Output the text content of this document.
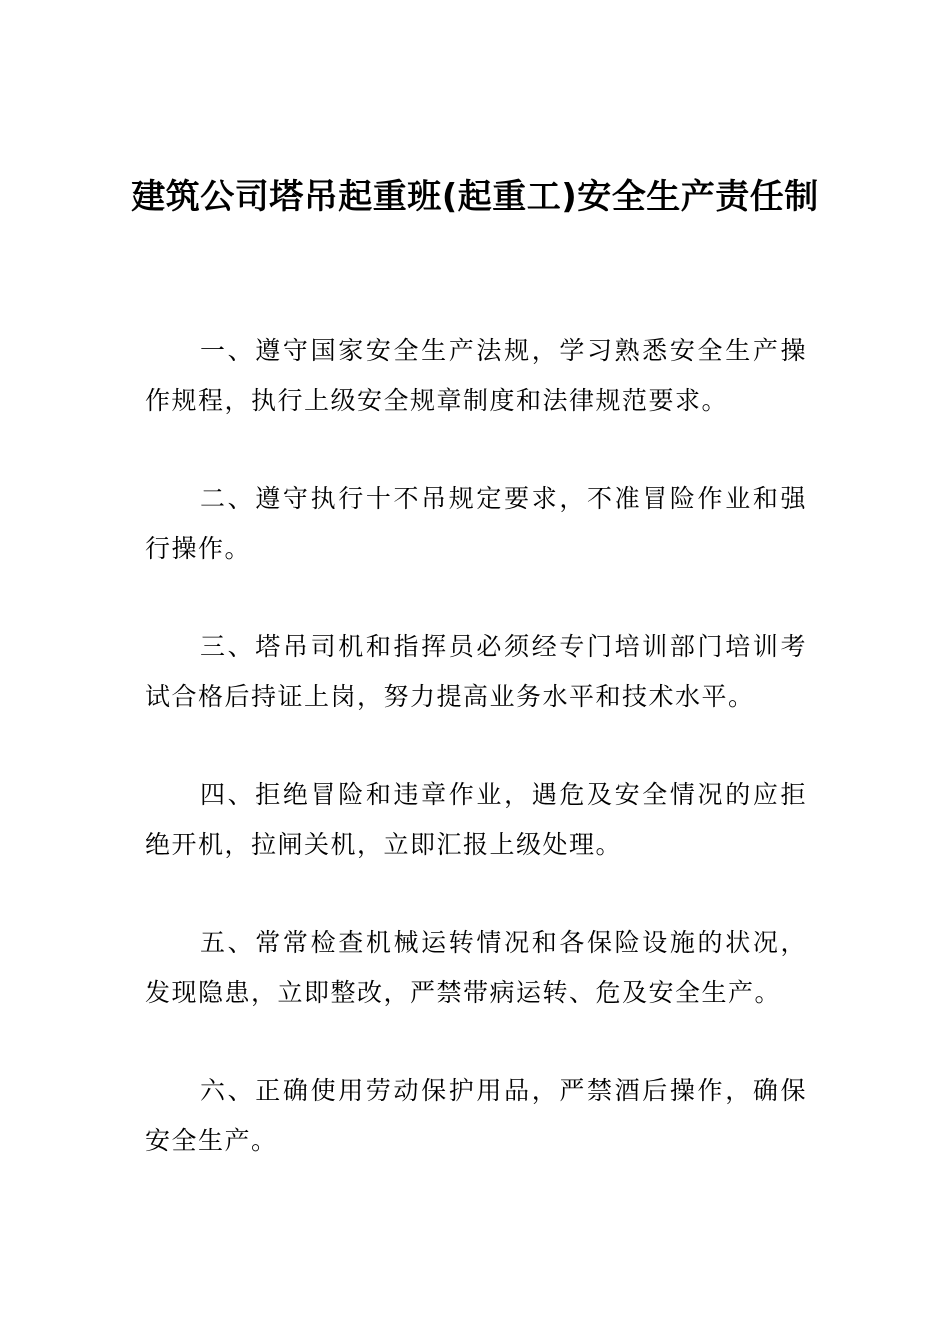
建筑公司塔吊起重班(起重工)安全生产责任制

一、遵守国家安全生产法规，学习熟悉安全生产操作规程，执行上级安全规章制度和法律规范要求。

二、遵守执行十不吊规定要求，不准冒险作业和强行操作。

三、塔吊司机和指挥员必须经专门培训部门培训考试合格后持证上岗，努力提高业务水平和技术水平。

四、拒绝冒险和违章作业，遇危及安全情况的应拒绝开机，拉闸关机，立即汇报上级处理。

五、常常检查机械运转情况和各保险设施的状况，发现隐患，立即整改，严禁带病运转、危及安全生产。

六、正确使用劳动保护用品，严禁酒后操作，确保安全生产。
